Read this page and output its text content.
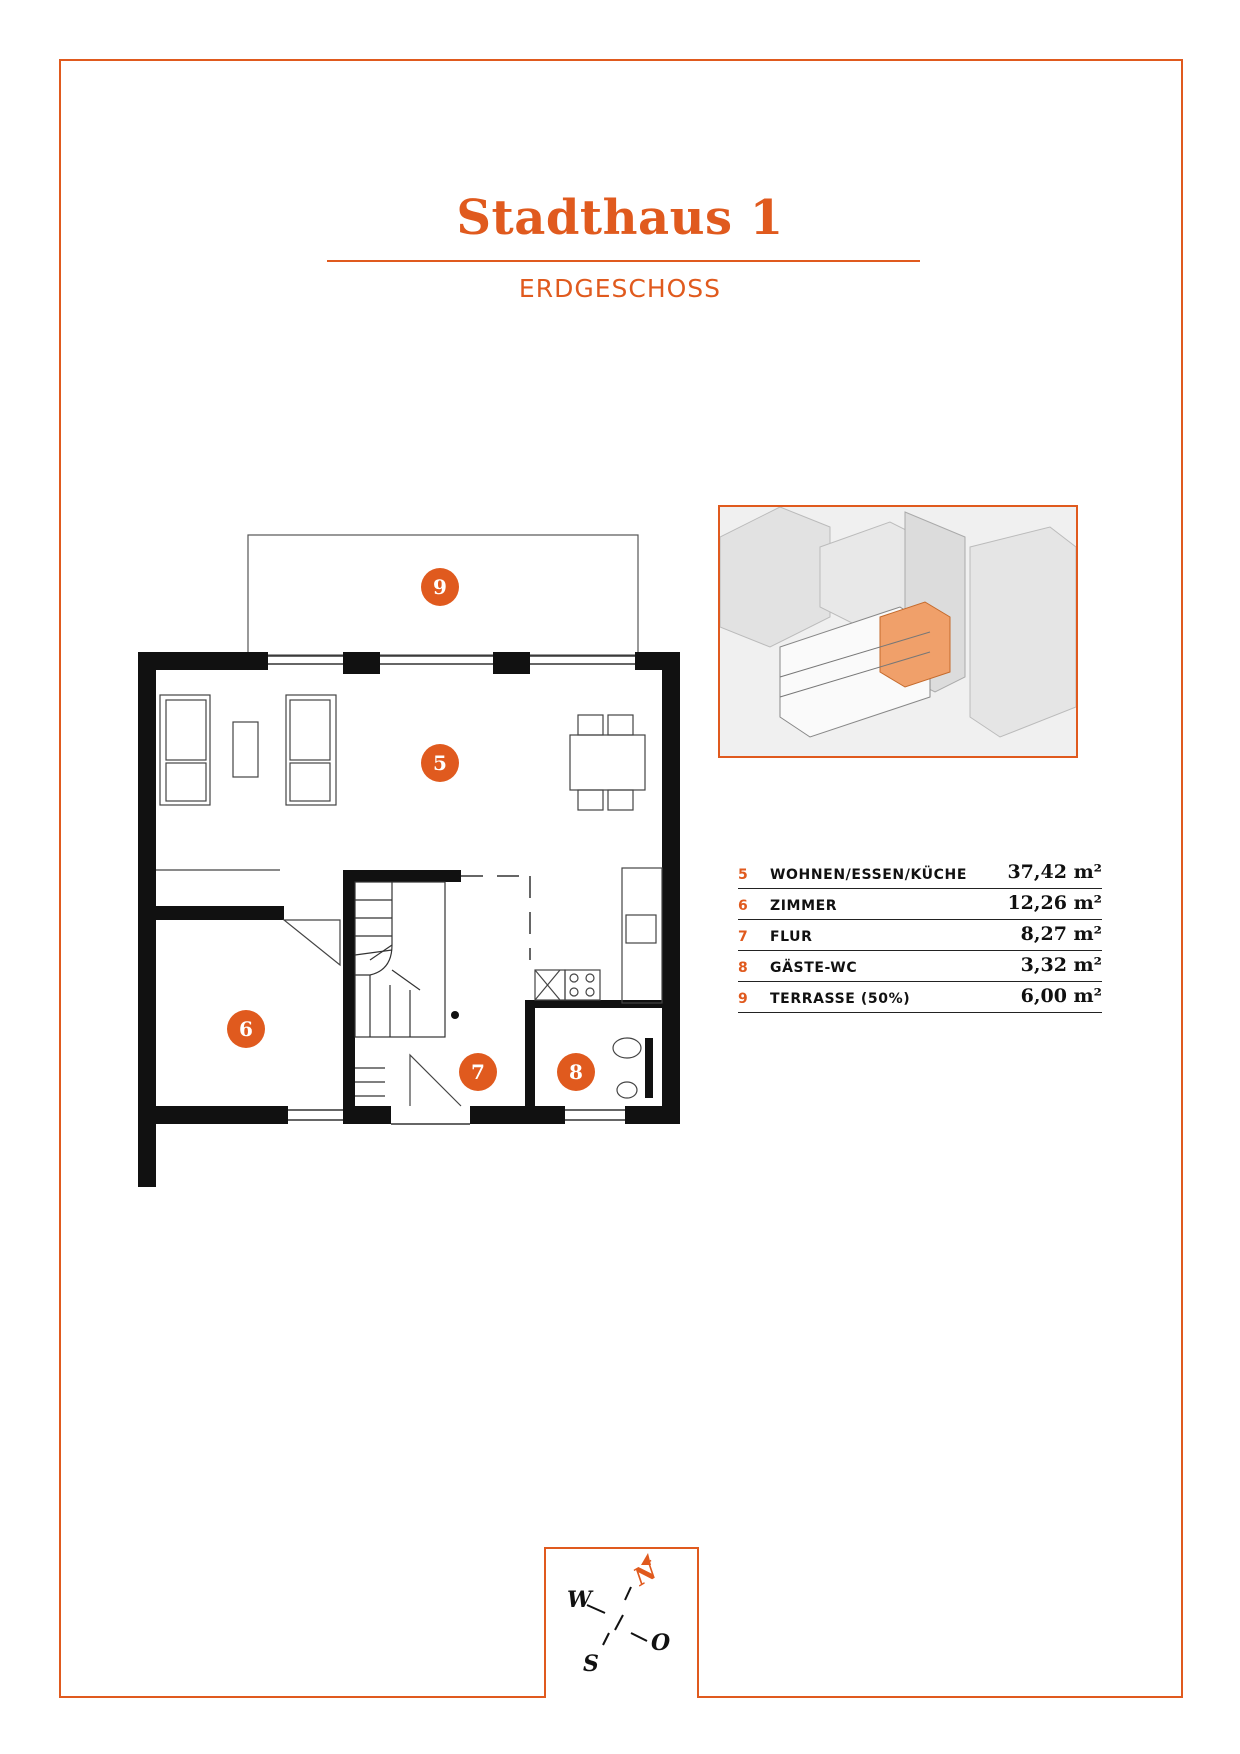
Stadthaus 1
ERDGESCHOSS
9
5
6
7	8
5	WOHNEN/ESSEN/KÜCHE	37,42 m²
6	ZIMMER	12,26 m²
7	FLUR	8,27 m²
8	GÄSTE-WC	3,32 m²
9	TERRASSE (50%)	6,00 m²
N
W
O
S
